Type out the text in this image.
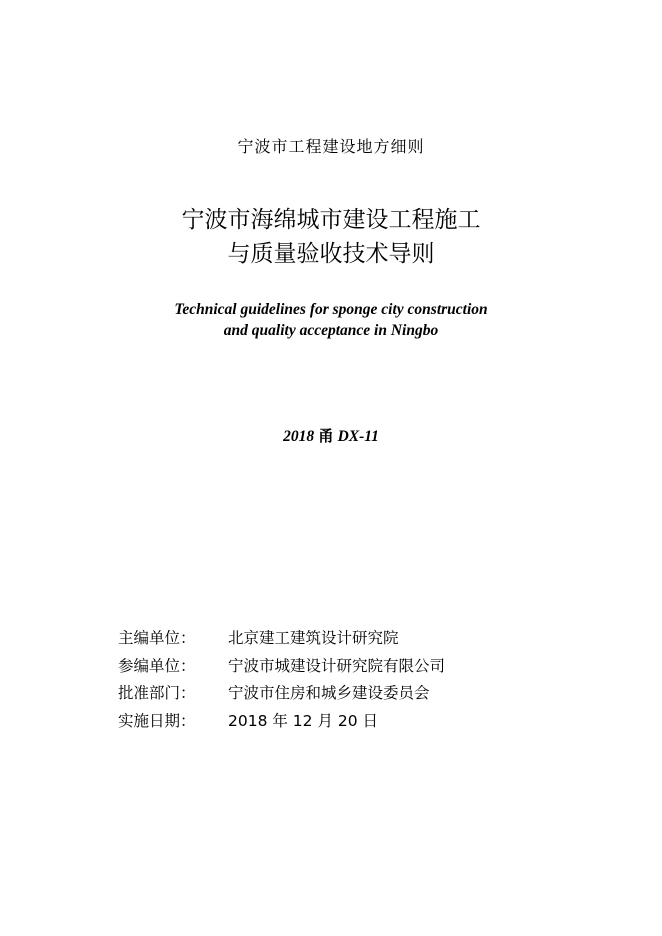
宁波市工程建设地方细则
宁波市海绵城市建设工程施工
与质量验收技术导则
Technical guidelines for sponge city construction
and quality acceptance in Ningbo
2018 甬 DX-11
主编单位：	北京建工建筑设计研究院
参编单位：	宁波市城建设计研究院有限公司
批准部门：	宁波市住房和城乡建设委员会
实施日期：	2018 年 12 月 20 日
